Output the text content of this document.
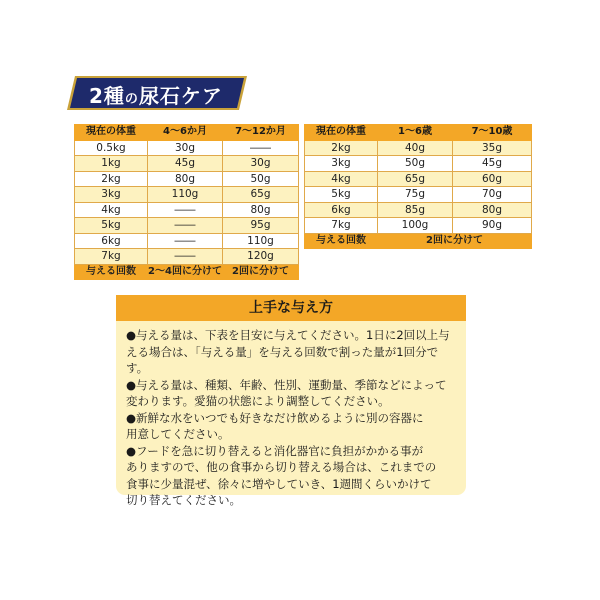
2種の尿石ケア
現在の体重	4～6か月	7～12か月
0.5kg	30g	――
1kg	45g	30g
2kg	80g	50g
3kg	110g	65g
4kg	――	80g
5kg	――	95g
6kg	――	110g
7kg	――	120g
与える回数	2～4回に分けて	2回に分けて
現在の体重	1～6歳	7～10歳
2kg	40g	35g
3kg	50g	45g
4kg	65g	60g
5kg	75g	70g
6kg	85g	80g
7kg	100g	90g
与える回数	2回に分けて	
上手な与え方

●与える量は、下表を目安に与えてください。1日に2回以上与

える場合は、「与える量」を与える回数で割った量が1回分です。

●与える量は、種類、年齢、性別、運動量、季節などによって

変わります。愛猫の状態により調整してください。

●新鮮な水をいつでも好きなだけ飲めるように別の容器に

用意してください。

●フードを急に切り替えると消化器官に負担がかかる事が

ありますので、他の食事から切り替える場合は、これまでの

食事に少量混ぜ、徐々に増やしていき、1週間くらいかけて

切り替えてください。
